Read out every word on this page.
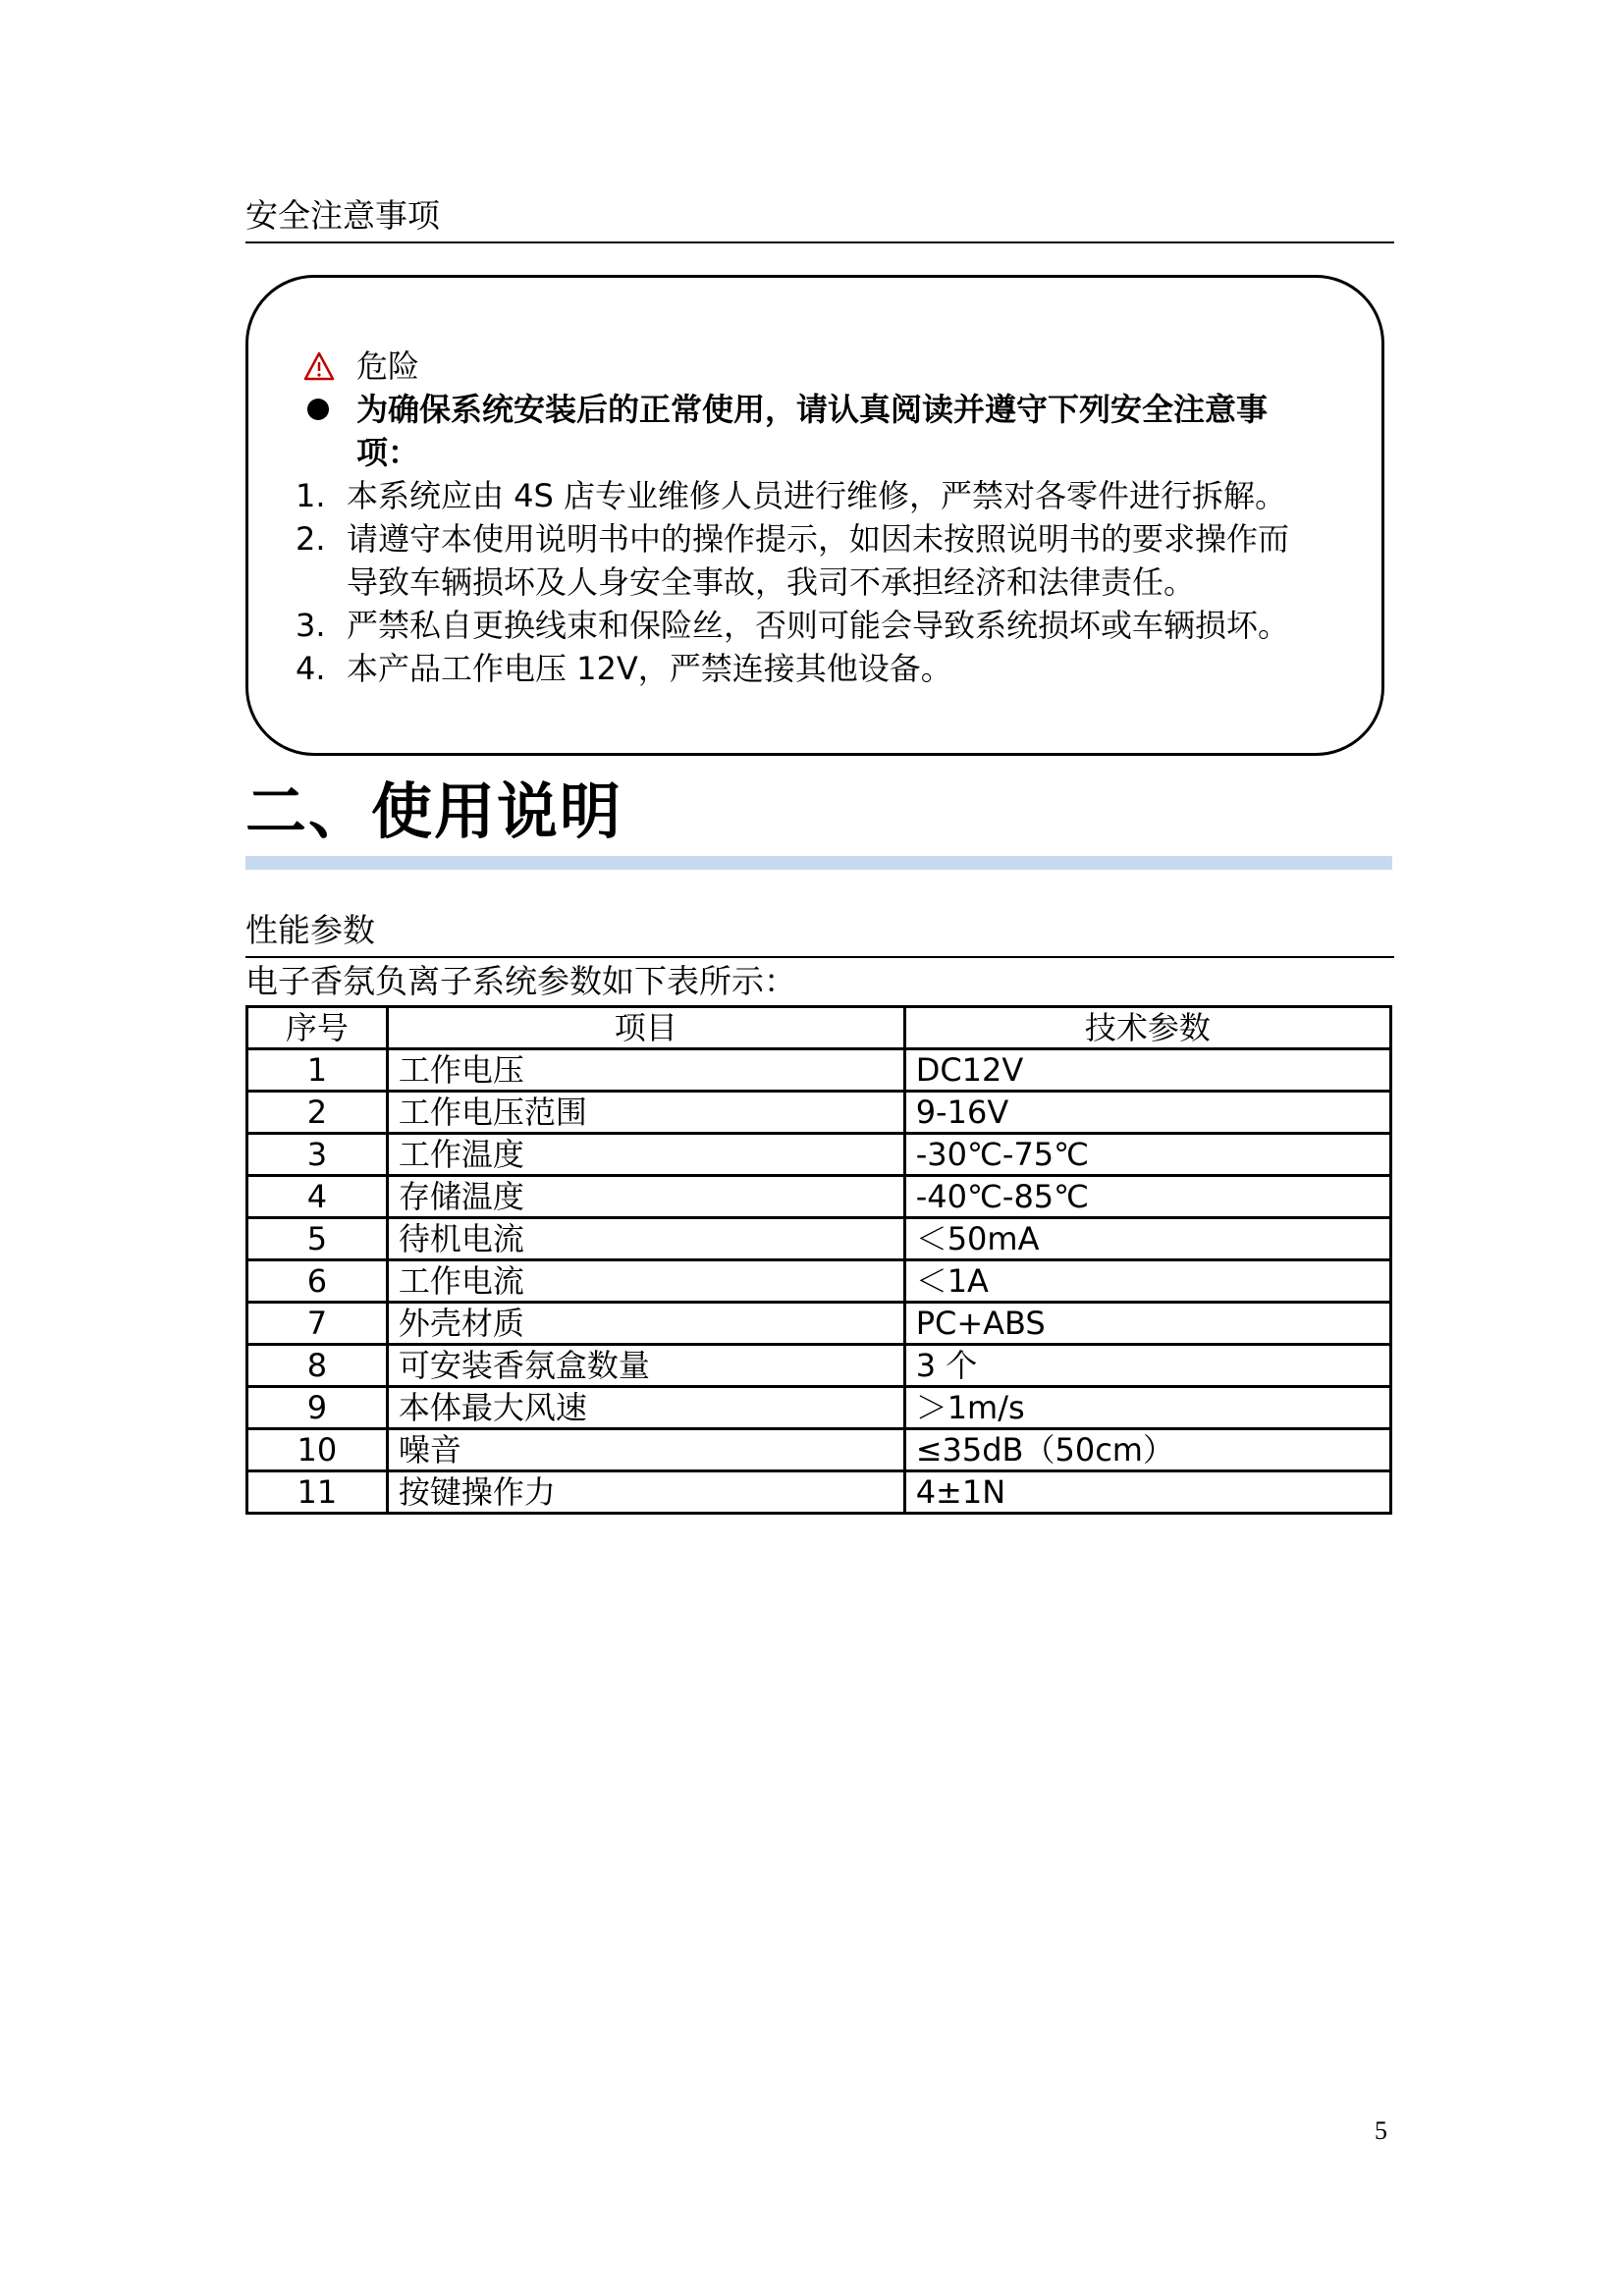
安全注意事项
危险
为确保系统安装后的正常使用，请认真阅读并遵守下列安全注意事
项：
1. 本系统应由 4S 店专业维修人员进行维修，严禁对各零件进行拆解。
2. 请遵守本使用说明书中的操作提示，如因未按照说明书的要求操作而
导致车辆损坏及人身安全事故，我司不承担经济和法律责任。
3. 严禁私自更换线束和保险丝，否则可能会导致系统损坏或车辆损坏。
4. 本产品工作电压 12V，严禁连接其他设备。
二、使用说明
性能参数
电子香氛负离子系统参数如下表所示：
序号	项目	技术参数
1	工作电压	DC12V
2	工作电压范围	9-16V
3	工作温度	-30℃-75℃
4	存储温度	-40℃-85℃
5	待机电流	＜50mA
6	工作电流	＜1A
7	外壳材质	PC+ABS
8	可安装香氛盒数量	3 个
9	本体最大风速	＞1m/s
10	噪音	≤35dB（50cm）
11	按键操作力	4±1N
5
